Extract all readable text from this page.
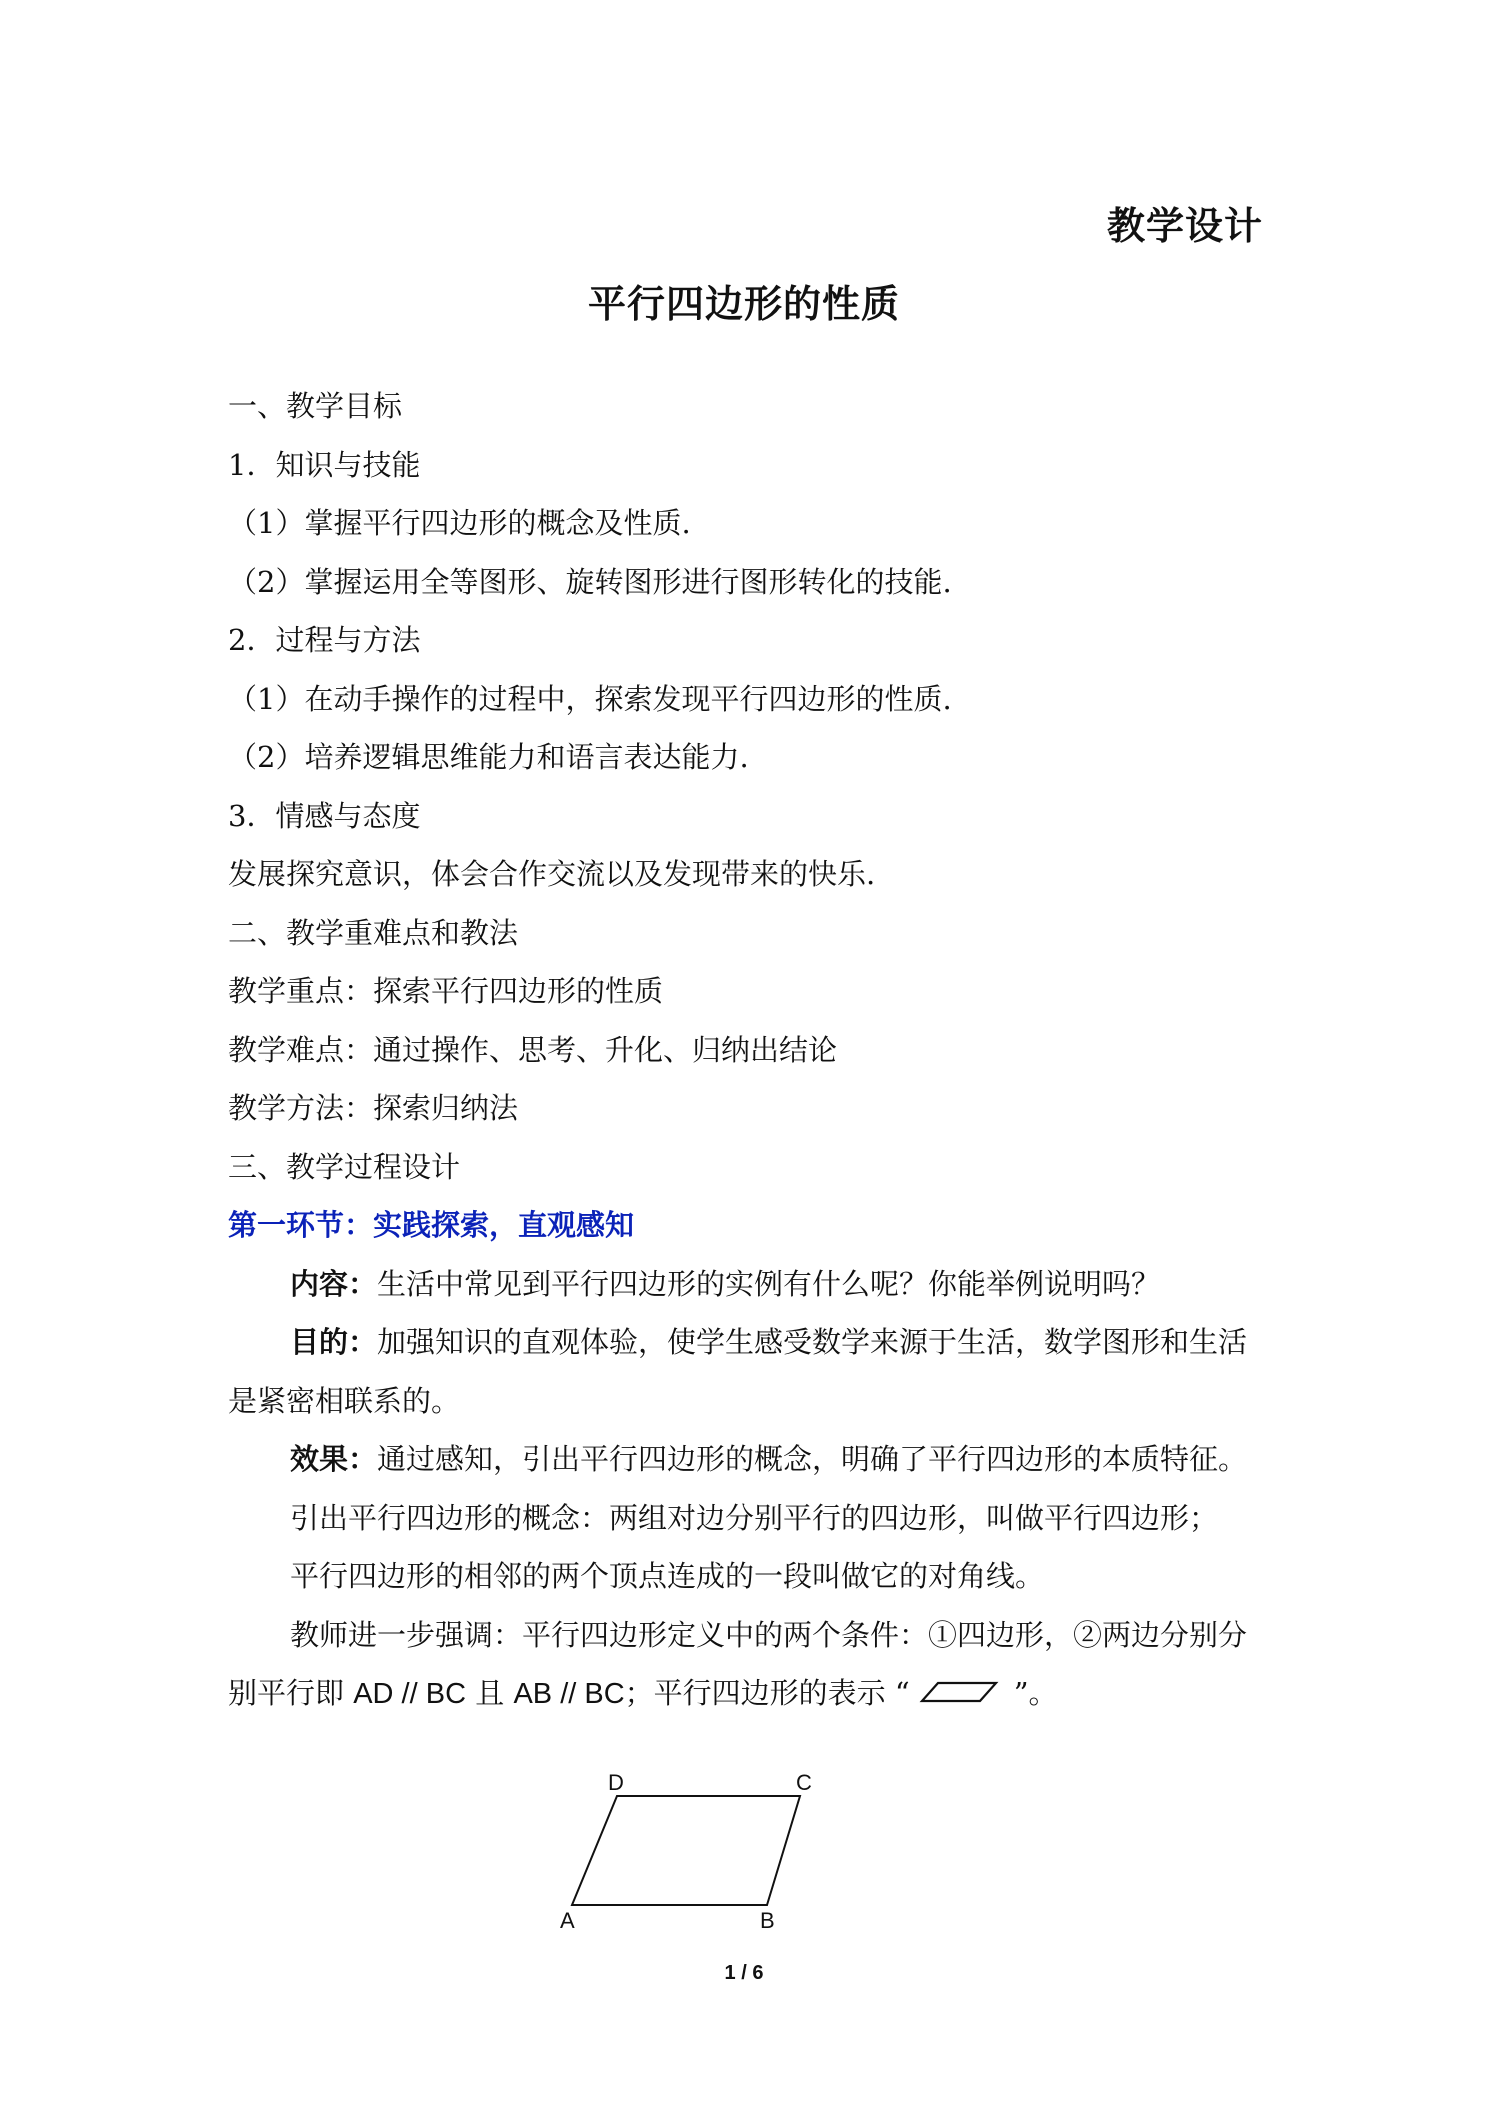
教学设计
平行四边形的性质
一、教学目标
1．知识与技能
（1）掌握平行四边形的概念及性质.
（2）掌握运用全等图形、旋转图形进行图形转化的技能.
2．过程与方法
（1）在动手操作的过程中，探索发现平行四边形的性质.
（2）培养逻辑思维能力和语言表达能力.
3．情感与态度
发展探究意识，体会合作交流以及发现带来的快乐.
二、教学重难点和教法
教学重点：探索平行四边形的性质
教学难点：通过操作、思考、升化、归纳出结论
教学方法：探索归纳法
三、教学过程设计
第一环节：实践探索，直观感知
内容：生活中常见到平行四边形的实例有什么呢？你能举例说明吗？
目的：加强知识的直观体验，使学生感受数学来源于生活，数学图形和生活
是紧密相联系的。
效果：通过感知，引出平行四边形的概念，明确了平行四边形的本质特征。
引出平行四边形的概念：两组对边分别平行的四边形，叫做平行四边形；
平行四边形的相邻的两个顶点连成的一段叫做它的对角线。
教师进一步强调：平行四边形定义中的两个条件：①四边形，②两边分别分
别平行即 AD // BC 且 AB // BC；平行四边形的表示 “	”。
D	C
A	B
1 / 6
